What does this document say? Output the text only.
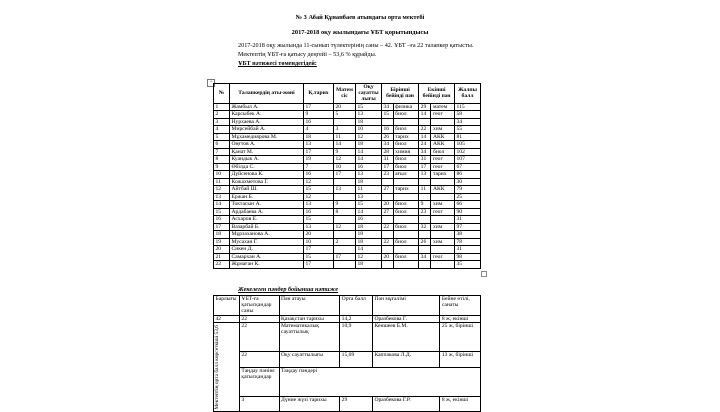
№ 3 Абай Құнанбаев атындағы орта мектебі
2017-2018 оқу жылындағы ҰБТ қорытындысы
2017-2018 оқу жылында 11-сынып түлектерінің саны – 42. ҰБТ –ға 22 талапкер қатысты.
Мектептің ҰБТ-ға қатысу деңгейі – 53,6 % құрайды.
ҰБТ нәтижесі төмендегідей:
+
№	Талапкердің аты-жөні	Қ.тарих	Матем сіс	Оқу сауатты лығы	Бірінші бейінді пән		Екінші бейінді пән		Жалпы балл
1	Жамбыл А.	17	20	15	34	физика	29	матем	115
2	Карсыбек А.	9	5	13	15	биол	14	геог	58
3	Нурхаева А.	16		18					34
4	Мирсейбай А.	4	3	10	16	биол	22	хим	55
5	Мұхамедиярова М.	18	11	12	26	тарих	14	АКК	81
6	Оңғтов А.	13	14	18	34	биол	24	АКК	105
7	Қанат М.	17	9	14	28	химия	34	биол	102
8	Куандык А.	19	12	14	31	биол	31	геог	107
9	Өбілда С.	7	10	16	17	биол	17	геог	67
10	Дүйсенова К.	16	17	13	23	ағыл	13	тарих	86
11	Кожахметова Г.	12		18					30
12	Айтбай Ш.	15	13	11	27	тарих	11	АКК	79
13	Ержан Б.	12		13					25
14	Токтасын А.	13	9	15	20	биол	9	хим	66
15	Ардабаева А.	16	8	14	27	биол	23	геог	90
16	Асхаров Е.	15		16					31
17	Вазарбай Б.	13	12	18	22	биол	32	хим	97
18	Мұрзаханова А.	20		18					38
19	Мусахан Г.	10	2	18	22	биол	26	хим	78
20	Сикен Д.	17		14					31
21	Самархан А.	15	17	12	20	биол	34	геог	98
22	Жұмаған К.	17		18					35
Жекелеген пәндер бойынша нәтиже
Барлығы	ҰБТ-ға қатысқандар саны	Пән атауы	Орта балл	Пән мұғалімі	Бейне өтілі, санаты
42	22	Қазақстан тарихы	14,2	Оразбекова Г.	8 ж, екінші

Мектептің орта балл көрсеткіші 53,6	22	Математикалық сауаттылық	10,9	Кеншеев Б.М.	25 ж, бірінші
	22	Оқу сауаттылығы	15,09	Каппакова Л.Д.	13 ж, бірінші
	Таңдау пәнінє қатысқандар	Таңдау пәндері			
	3	Дүние жүзі тарихы	29	Оразбекова Г.Р.	8 ж, екінші
